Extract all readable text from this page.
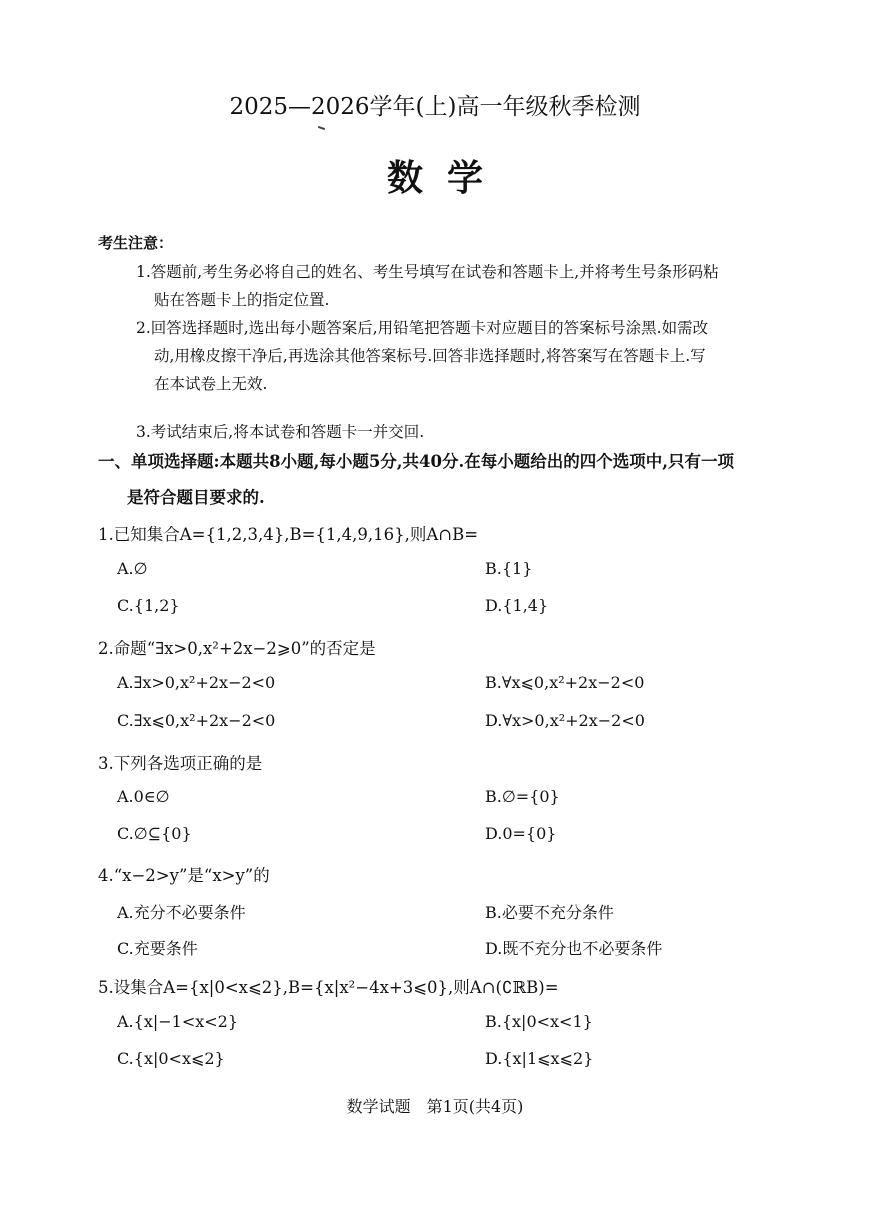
2025—2026学年(上)高一年级秋季检测
数学
考生注意：
1.答题前,考生务必将自己的姓名、考生号填写在试卷和答题卡上,并将考生号条形码粘
贴在答题卡上的指定位置.
2.回答选择题时,选出每小题答案后,用铅笔把答题卡对应题目的答案标号涂黑.如需改
动,用橡皮擦干净后,再选涂其他答案标号.回答非选择题时,将答案写在答题卡上.写
在本试卷上无效.
3.考试结束后,将本试卷和答题卡一并交回.
一、单项选择题:本题共8小题,每小题5分,共40分.在每小题给出的四个选项中,只有一项
是符合题目要求的.
1.已知集合A={1,2,3,4},B={1,4,9,16},则A∩B=
A.∅	B.{1}
C.{1,2}	D.{1,4}
2.命题“∃x>0,x²+2x−2⩾0”的否定是
A.∃x>0,x²+2x−2<0	B.∀x⩽0,x²+2x−2<0
C.∃x⩽0,x²+2x−2<0	D.∀x>0,x²+2x−2<0
3.下列各选项正确的是
A.0∈∅	B.∅={0}
C.∅⊆{0}	D.0={0}
4.“x−2>y”是“x>y”的
A.充分不必要条件	B.必要不充分条件
C.充要条件	D.既不充分也不必要条件
5.设集合A={x|0<x⩽2},B={x|x²−4x+3⩽0},则A∩(∁ℝB)=
A.{x|−1<x<2}	B.{x|0<x<1}
C.{x|0<x⩽2}	D.{x|1⩽x⩽2}
数学试题　第1页(共4页)
